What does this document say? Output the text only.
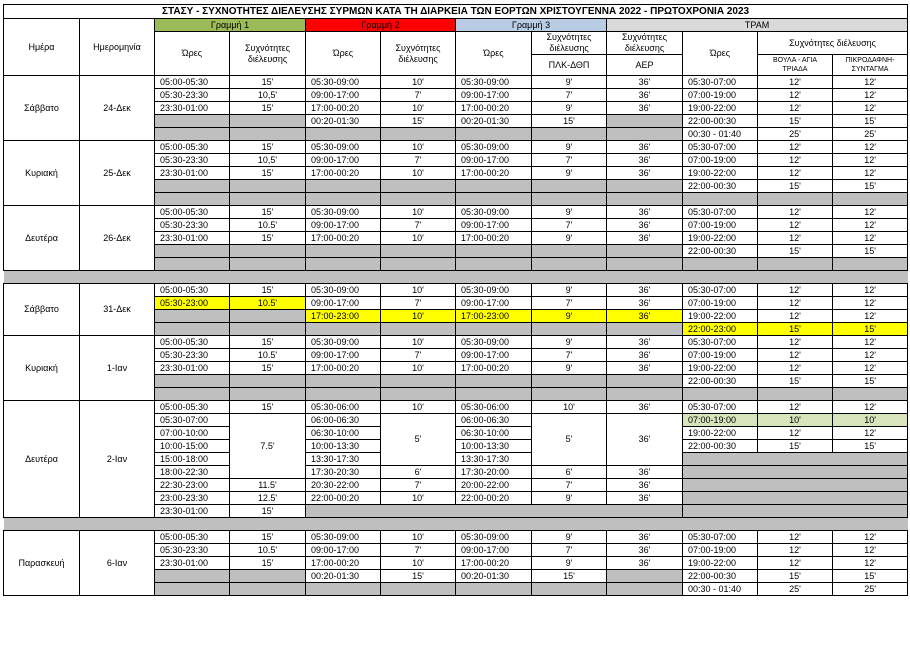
ΣΤΑΣΥ - ΣΥΧΝΟΤΗΤΕΣ ΔΙΕΛΕΥΣΗΣ ΣΥΡΜΩΝ ΚΑΤΑ ΤΗ ΔΙΑΡΚΕΙΑ ΤΩΝ ΕΟΡΤΩΝ ΧΡΙΣΤΟΥΓΕΝΝΑ 2022 - ΠΡΩΤΟΧΡΟΝΙΑ 2023											
Ημέρα	Ημερομηνία	Γραμμή 1		Γραμμή 2		Γραμμή 3		ΤΡΑΜ			
		Ώρες	Συχνότητες διέλευσης	Ώρες	Συχνότητες διέλευσης	Ώρες	Συχνότητες διέλευσης	Συχνότητες διέλευσης	Ώρες	Συχνότητες διέλευσης	
							ΠΛΚ-ΔΘΠ	ΑΕΡ		ΒΟΥΛΑ - ΑΓΙΑ ΤΡΙΑΔΑ	ΠΙΚΡΟΔΑΦΝΗ-ΣΥΝΤΑΓΜΑ
Σάββατο	24-Δεκ	05:00-05:30	15'	05:30-09:00	10'	05:30-09:00	9'	36'	05:30-07:00	12'	12'
		05:30-23:30	10,5'	09:00-17:00	7'	09:00-17:00	7'	36'	07:00-19:00	12'	12'
		23:30-01:00	15'	17:00-00:20	10'	17:00-00:20	9'	36'	19:00-22:00	12'	12'
				00:20-01:30	15'	00:20-01:30	15'		22:00-00:30	15'	15'
									00:30 - 01:40	25'	25'
Κυριακή	25-Δεκ	05:00-05:30	15'	05:30-09:00	10'	05:30-09:00	9'	36'	05:30-07:00	12'	12'
		05:30-23:30	10,5'	09:00-17:00	7'	09:00-17:00	7'	36'	07:00-19:00	12'	12'
		23:30-01:00	15'	17:00-00:20	10'	17:00-00:20	9'	36'	19:00-22:00	12'	12'
									22:00-00:30	15'	15'

Δευτέρα	26-Δεκ	05:00-05:30	15'	05:30-09:00	10'	05:30-09:00	9'	36'	05:30-07:00	12'	12'
		05:30-23:30	10.5'	09:00-17:00	7'	09:00-17:00	7'	36'	07:00-19:00	12'	12'
		23:30-01:00	15'	17:00-00:20	10'	17:00-00:20	9'	36'	19:00-22:00	12'	12'
									22:00-00:30	15'	15'

Σάββατο	31-Δεκ	05:00-05:30	15'	05:30-09:00	10'	05:30-09:00	9'	36'	05:30-07:00	12'	12'
		05:30-23:00	10.5'	09:00-17:00	7'	09:00-17:00	7'	36'	07:00-19:00	12'	12'
				17:00-23:00	10'	17:00-23:00	9'	36'	19:00-22:00	12'	12'
									22:00-23:00	15'	15'
Κυριακή	1-Ιαν	05:00-05:30	15'	05:30-09:00	10'	05:30-09:00	9'	36'	05:30-07:00	12'	12'
		05:30-23:30	10.5'	09:00-17:00	7'	09:00-17:00	7'	36'	07:00-19:00	12'	12'
		23:30-01:00	15'	17:00-00:20	10'	17:00-00:20	9'	36'	19:00-22:00	12'	12'
									22:00-00:30	15'	15'

Δευτέρα	2-Ιαν	05:00-05:30	15'	05:30-06:00	10'	05:30-06:00	10'	36'	05:30-07:00	12'	12'
		05:30-07:00	7.5'	06:00-06:30	5'	06:00-06:30	5'	36'	07:00-19:00	10'	10'
		07:00-10:00		06:30-10:00		06:30-10:00			19:00-22:00	12'	12'
		10:00-15:00		10:00-13:30		10:00-13:30			22:00-00:30	15'	15'
		15:00-18:00		13:30-17:30		13:30-17:30					
		18:00-22:30		17:30-20:30	6'	17:30-20:00	6'	36'			
		22:30-23:00	11.5'	20:30-22:00	7'	20:00-22:00	7'	36'			
		23:00-23:30	12.5'	22:00-00:20	10'	22:00-00:20	9'	36'			
		23:30-01:00	15'								

Παρασκευή	6-Ιαν	05:00-05:30	15'	05:30-09:00	10'	05:30-09:00	9'	36'	05:30-07:00	12'	12'
		05:30-23:30	10.5'	09:00-17:00	7'	09:00-17:00	7'	36'	07:00-19:00	12'	12'
		23:30-01:00	15'	17:00-00:20	10'	17:00-00:20	9'	36'	19:00-22:00	12'	12'
				00:20-01:30	15'	00:20-01:30	15'		22:00-00:30	15'	15'
									00:30 - 01:40	25'	25'
